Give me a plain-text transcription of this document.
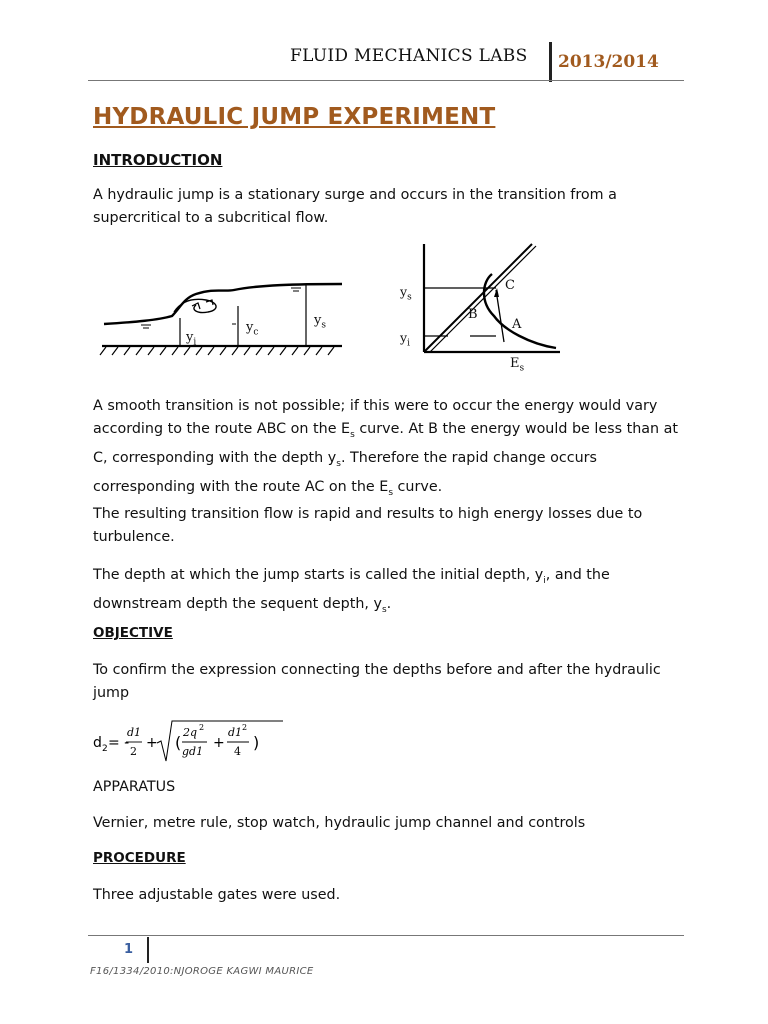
FLUID MECHANICS LABS 2013/2014
HYDRAULIC JUMP EXPERIMENT
INTRODUCTION
A hydraulic jump is a stationary surge and occurs in the transition from a supercritical to a subcritical flow.
$y_i$
$y_c$
$y_s$
$y_s$
$y_i$
A
B
C
$E_s$
A smooth transition is not possible; if this were to occur the energy would vary according to the route ABC on the $E_s$ curve. At B the energy would be less than at C, corresponding with the depth $y_s$. Therefore the rapid change occurs corresponding with the route AC on the $E_s$ curve.
The resulting transition flow is rapid and results to high energy losses due to turbulence.
The depth at which the jump starts is called the initial depth, $y_i$, and the downstream depth the sequent depth, $y_s$.
OBJECTIVE
To confirm the expression connecting the depths before and after the hydraulic jump
d 2 = -
d1
2
+ (
2q 2
gd1
+
d1 2
4 )
APPARATUS
Vernier, metre rule, stop watch, hydraulic jump channel and controls
PROCEDURE
Three adjustable gates were used.
1
F16/1334/2010:NJOROGE KAGWI MAURICE
